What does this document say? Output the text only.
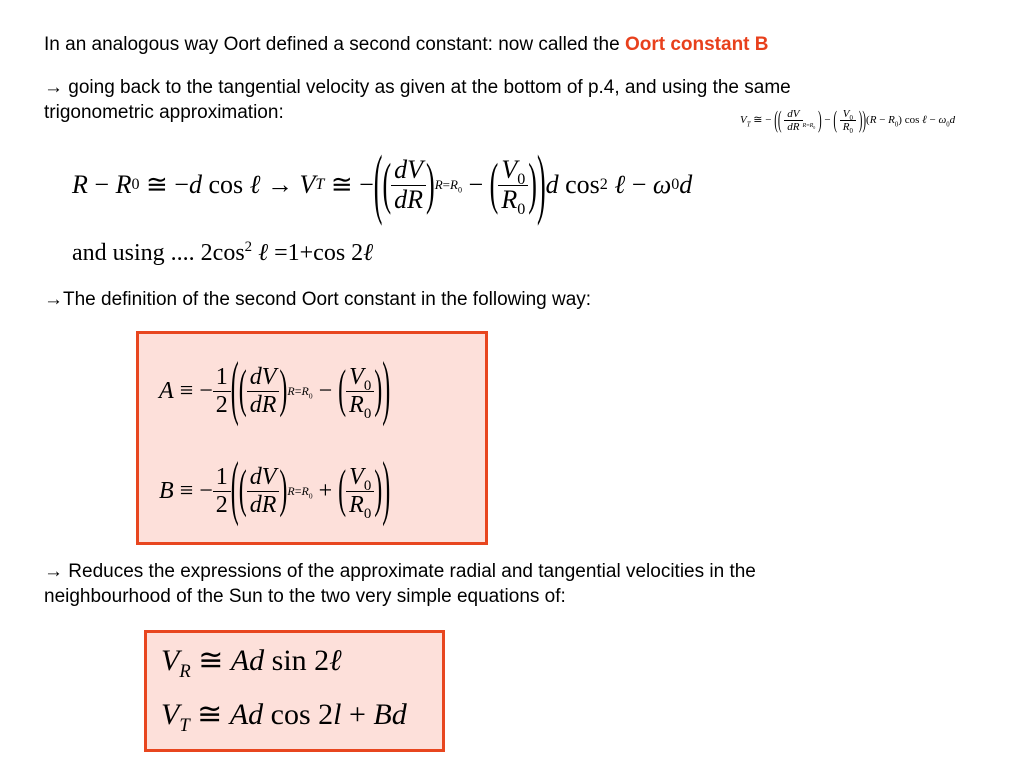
In an analogous way Oort defined a second constant: now called the Oort constant B
→ going back to the tangential velocity as given at the bottom of p.4, and using the same
trigonometric approximation:	$V_T$ ≅ − (( $\frac{dV}{dR} _{R=R_0}$ ) − ( $\frac{V_0}{R_0} ))(R - R_0)$ cos ℓ − $\omega_0d$
R − R 0 ≅ − d cos ℓ → V T ≅ − ( ( $\frac{dV}{dR}$ ) $R=R_0$ − ( $\frac{V_0}{R_0}$ ) ) d cos 2
ℓ − ω 0 d
and using .... $2\cos^2$ ℓ =1+cos 2ℓ
→The definition of the second Oort constant in the following way:
A ≡ − $\frac{1}{2}$ ( ( $\frac{dV}{dR}$ ) $R=R_0$ − ( $\frac{V_0}{R_0}$ ) )
B ≡ − $\frac{1}{2}$ ( ( $\frac{dV}{dR}$ ) $R=R_0$ + ( $\frac{V_0}{R_0}$ ) )
→ Reduces the expressions of the approximate radial and tangential velocities in the
neighbourhood of the Sun to the two very simple equations of:
$V_R$ ≅ Ad sin 2ℓ
$V_T$ ≅ Ad cos 2l + Bd
